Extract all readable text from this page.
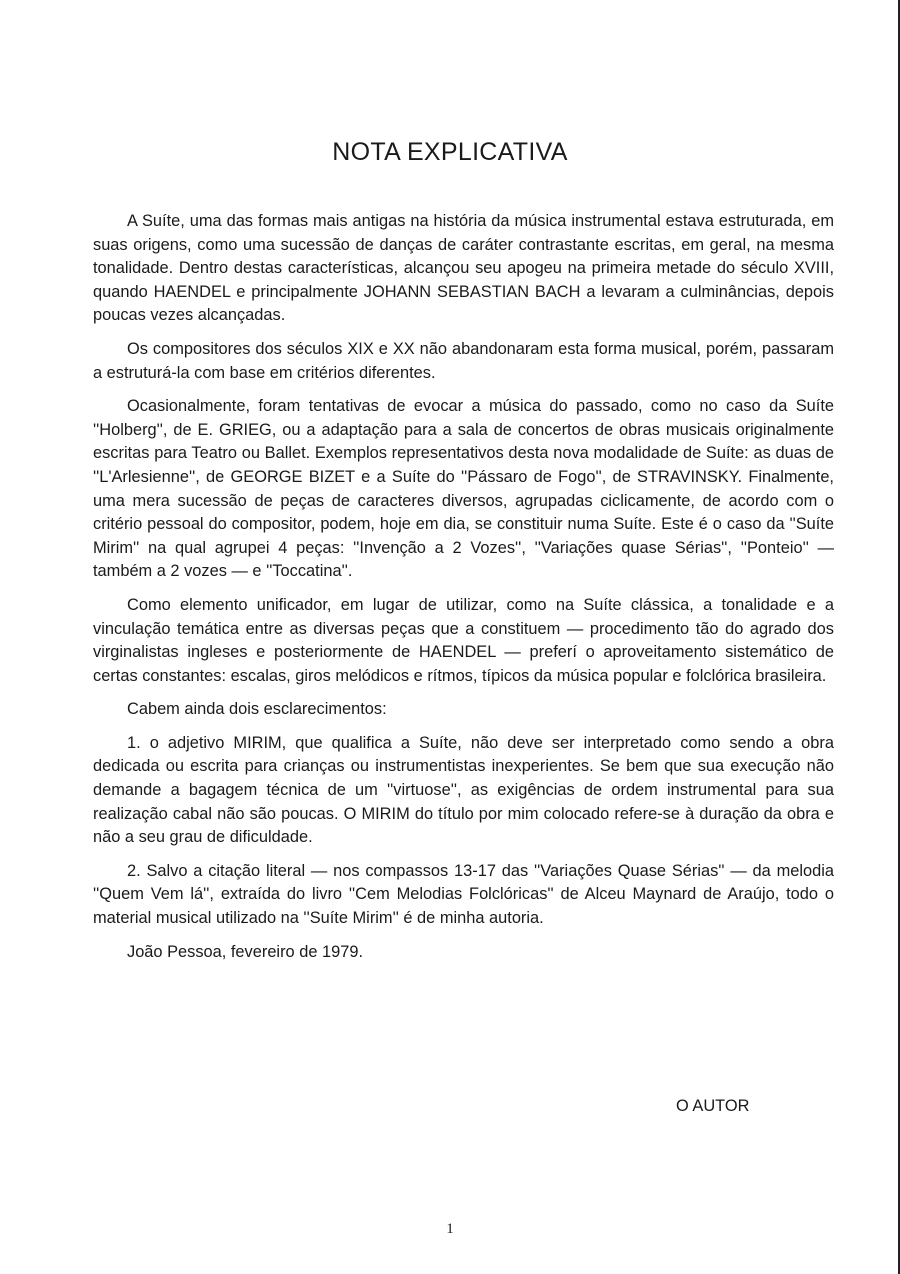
NOTA EXPLICATIVA

A Suíte, uma das formas mais antigas na história da música instrumental estava estruturada, em suas origens, como uma sucessão de danças de caráter contrastante escritas, em geral, na mesma tonalidade. Dentro destas características, alcançou seu apogeu na primeira metade do século XVIII, quando HAENDEL e principalmente JOHANN SEBASTIAN BACH a levaram a culminâncias, depois poucas vezes alcançadas.

Os compositores dos séculos XIX e XX não abandonaram esta forma musical, porém, passaram a estruturá-la com base em critérios diferentes.

Ocasionalmente, foram tentativas de evocar a música do passado, como no caso da Suíte ''Holberg'', de E. GRIEG, ou a adaptação para a sala de concertos de obras musicais originalmente escritas para Teatro ou Ballet. Exemplos representativos desta nova modalidade de Suíte: as duas de ''L'Arlesienne'', de GEORGE BIZET e a Suíte do ''Pássaro de Fogo'', de STRAVINSKY. Finalmente, uma mera sucessão de peças de caracteres diversos, agrupadas ciclicamente, de acordo com o critério pessoal do compositor, podem, hoje em dia, se constituir numa Suíte. Este é o caso da ''Suíte Mirim'' na qual agrupei 4 peças: ''Invenção a 2 Vozes'', ''Variações quase Sérias'', ''Ponteio'' — também a 2 vozes — e ''Toccatina''.

Como elemento unificador, em lugar de utilizar, como na Suíte clássica, a tonalidade e a vinculação temática entre as diversas peças que a constituem — procedimento tão do agrado dos virginalistas ingleses e posteriormente de HAENDEL — preferí o aproveitamento sistemático de certas constantes: escalas, giros melódicos e rítmos, típicos da música popular e folclórica brasileira.

Cabem ainda dois esclarecimentos:

1. o adjetivo MIRIM, que qualifica a Suíte, não deve ser interpretado como sendo a obra dedicada ou escrita para crianças ou instrumentistas inexperientes. Se bem que sua execução não demande a bagagem técnica de um ''virtuose'', as exigências de ordem instrumental para sua realização cabal não são poucas. O MIRIM do título por mim colocado refere-se à duração da obra e não a seu grau de dificuldade.

2. Salvo a citação literal — nos compassos 13-17 das ''Variações Quase Sérias'' — da melodia ''Quem Vem lá'', extraída do livro ''Cem Melodias Folclóricas'' de Alceu Maynard de Araújo, todo o material musical utilizado na ''Suíte Mirim'' é de minha autoria.

João Pessoa, fevereiro de 1979.

O AUTOR

1
